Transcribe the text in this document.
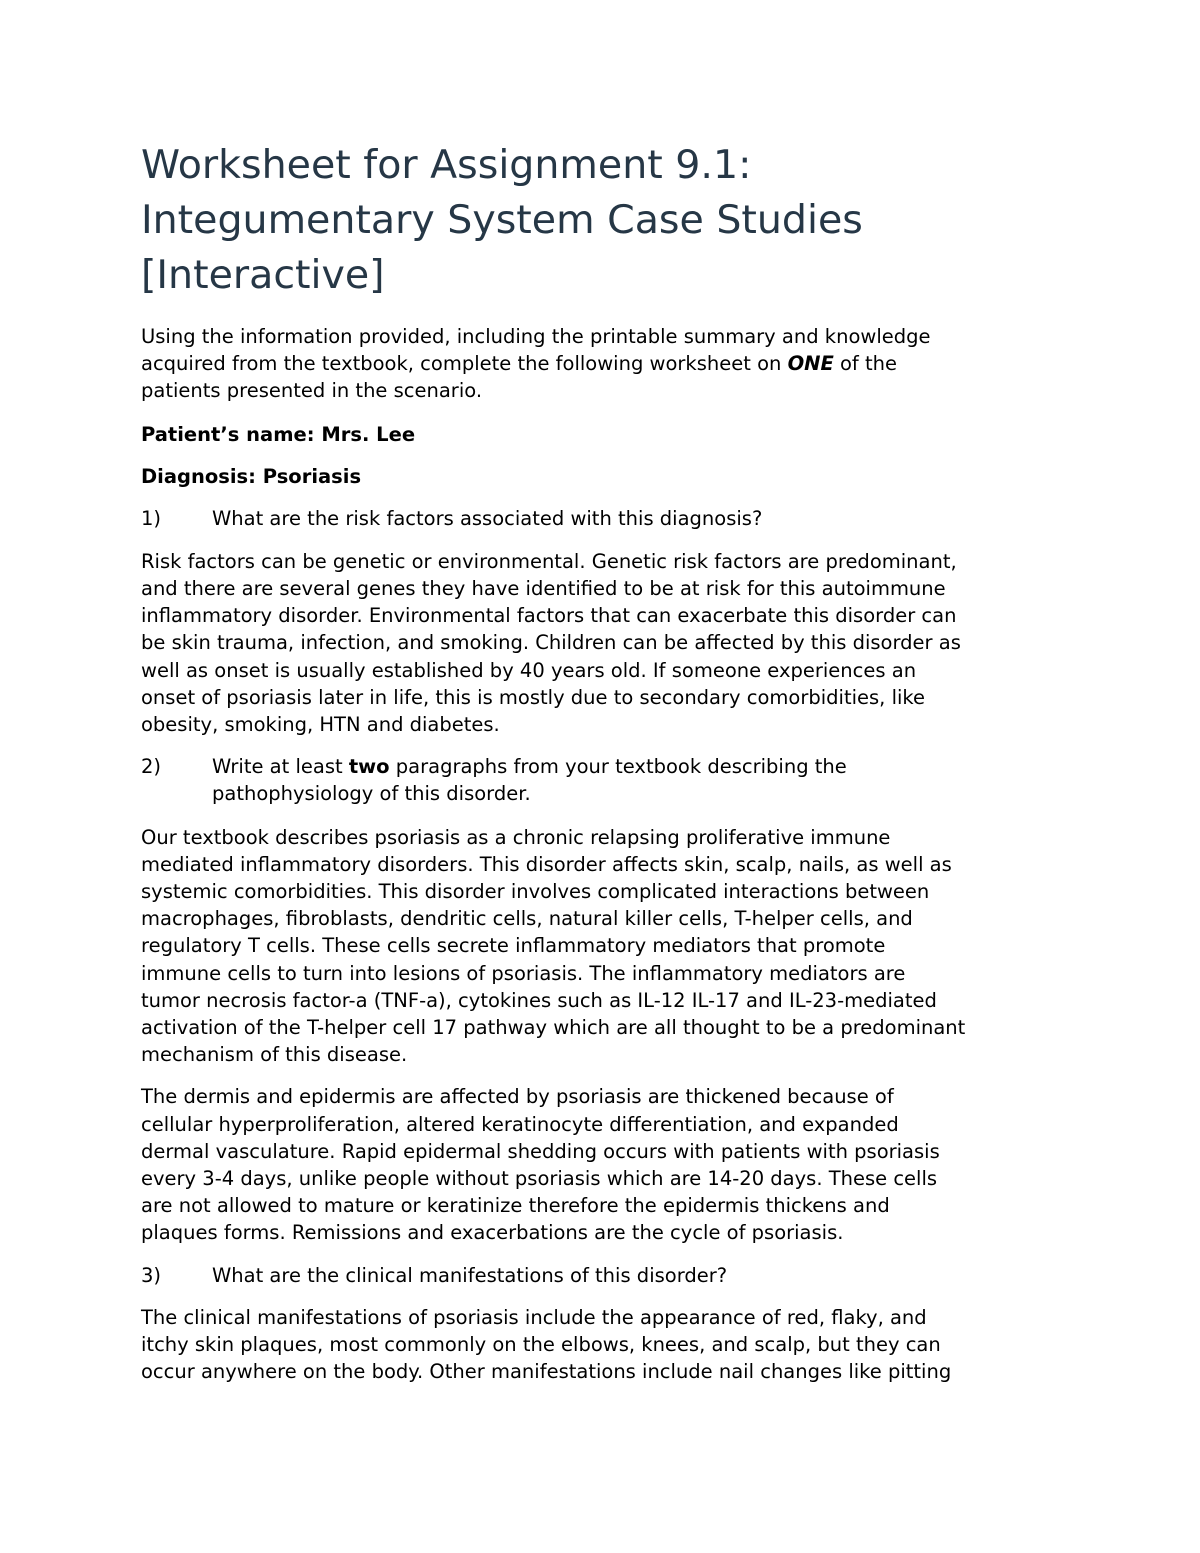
Worksheet for Assignment 9.1:
Integumentary System Case Studies
[Interactive]
Using the information provided, including the printable summary and knowledge
acquired from the textbook, complete the following worksheet on ONE of the
patients presented in the scenario.
Patient’s name: Mrs. Lee
Diagnosis: Psoriasis
1)	What are the risk factors associated with this diagnosis?
Risk factors can be genetic or environmental. Genetic risk factors are predominant,
and there are several genes they have identified to be at risk for this autoimmune
inflammatory disorder. Environmental factors that can exacerbate this disorder can
be skin trauma, infection, and smoking. Children can be affected by this disorder as
well as onset is usually established by 40 years old. If someone experiences an
onset of psoriasis later in life, this is mostly due to secondary comorbidities, like
obesity, smoking, HTN and diabetes.
2)	Write at least two paragraphs from your textbook describing the
pathophysiology of this disorder.
Our textbook describes psoriasis as a chronic relapsing proliferative immune
mediated inflammatory disorders. This disorder affects skin, scalp, nails, as well as
systemic comorbidities. This disorder involves complicated interactions between
macrophages, fibroblasts, dendritic cells, natural killer cells, T-helper cells, and
regulatory T cells. These cells secrete inflammatory mediators that promote
immune cells to turn into lesions of psoriasis. The inflammatory mediators are
tumor necrosis factor-a (TNF-a), cytokines such as IL-12 IL-17 and IL-23-mediated
activation of the T-helper cell 17 pathway which are all thought to be a predominant
mechanism of this disease.
The dermis and epidermis are affected by psoriasis are thickened because of
cellular hyperproliferation, altered keratinocyte differentiation, and expanded
dermal vasculature. Rapid epidermal shedding occurs with patients with psoriasis
every 3-4 days, unlike people without psoriasis which are 14-20 days. These cells
are not allowed to mature or keratinize therefore the epidermis thickens and
plaques forms. Remissions and exacerbations are the cycle of psoriasis.
3)	What are the clinical manifestations of this disorder?
The clinical manifestations of psoriasis include the appearance of red, flaky, and
itchy skin plaques, most commonly on the elbows, knees, and scalp, but they can
occur anywhere on the body. Other manifestations include nail changes like pitting
